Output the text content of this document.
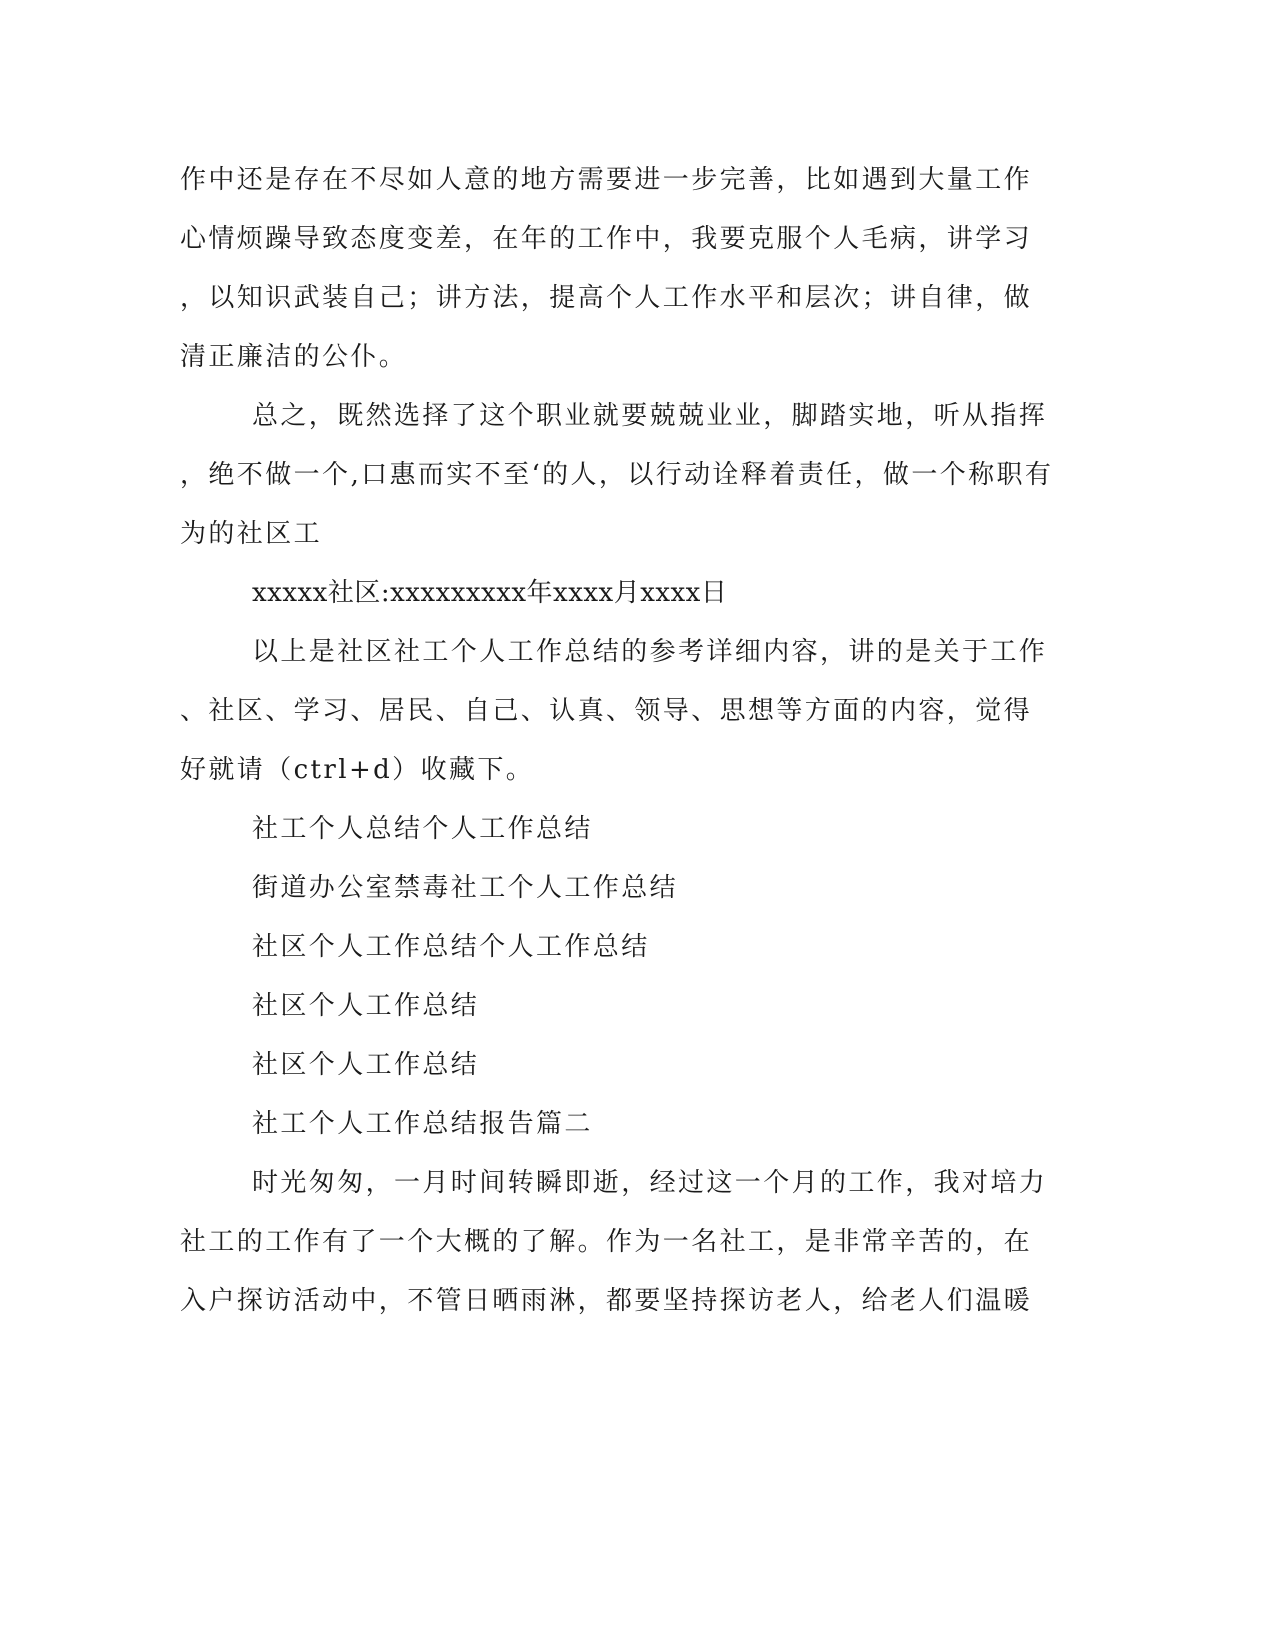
作中还是存在不尽如人意的地方需要进一步完善，比如遇到大量工作
心情烦躁导致态度变差，在年的工作中，我要克服个人毛病，讲学习
，以知识武装自己；讲方法，提高个人工作水平和层次；讲自律，做
清正廉洁的公仆。
总之，既然选择了这个职业就要兢兢业业，脚踏实地，听从指挥
，绝不做一个‚口惠而实不至‘的人，以行动诠释着责任，做一个称职有
为的社区工
xxxxx社区:xxxxxxxxx年xxxx月xxxx日
以上是社区社工个人工作总结的参考详细内容，讲的是关于工作
、社区、学习、居民、自己、认真、领导、思想等方面的内容，觉得
好就请（ctrl+d）收藏下。
社工个人总结个人工作总结
街道办公室禁毒社工个人工作总结
社区个人工作总结个人工作总结
社区个人工作总结
社区个人工作总结
社工个人工作总结报告篇二
时光匆匆，一月时间转瞬即逝，经过这一个月的工作，我对培力
社工的工作有了一个大概的了解。作为一名社工，是非常辛苦的，在
入户探访活动中，不管日晒雨淋，都要坚持探访老人，给老人们温暖
